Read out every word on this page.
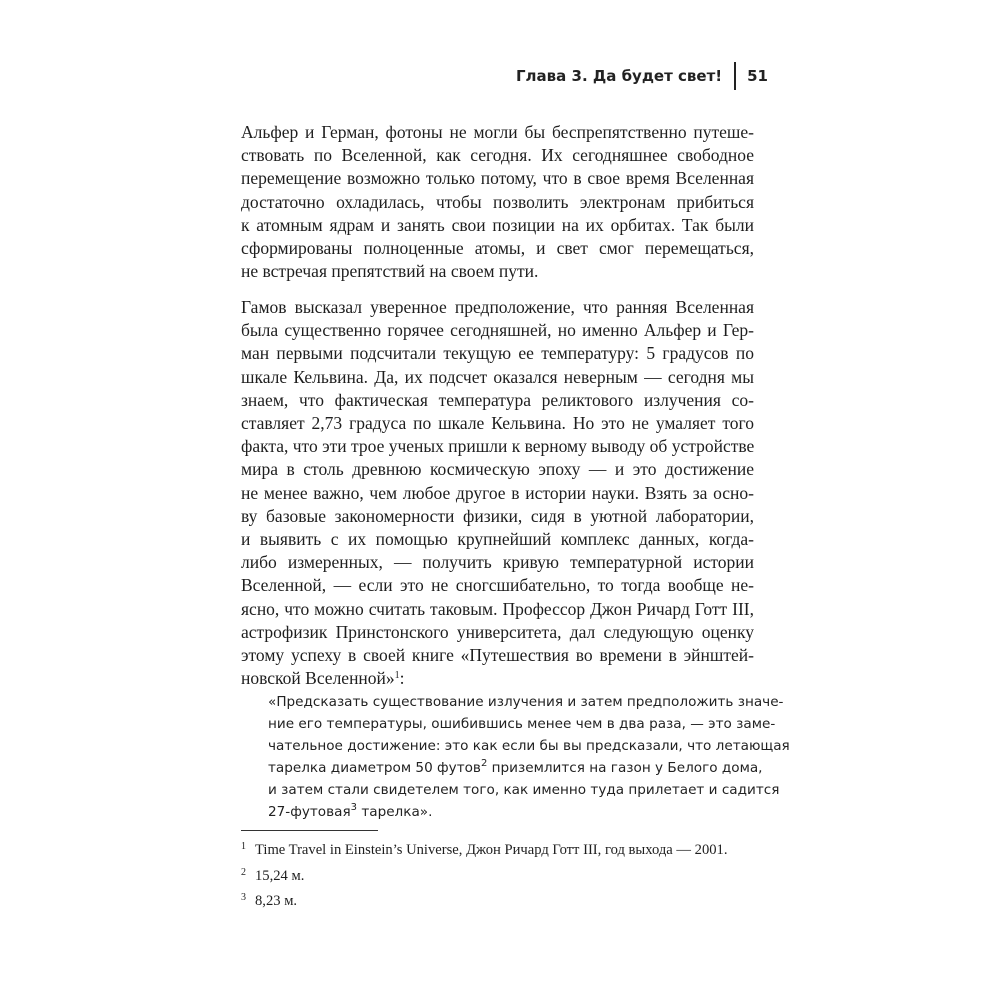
Глава 3. Да будет свет! 51
Альфер и Герман, фотоны не могли бы беспрепятственно путеше-
ствовать по Вселенной, как сегодня. Их сегодняшнее свободное
перемещение возможно только потому, что в свое время Вселенная
достаточно охладилась, чтобы позволить электронам прибиться
к атомным ядрам и занять свои позиции на их орбитах. Так были
сформированы полноценные атомы, и свет смог перемещаться,
не встречая препятствий на своем пути.
Гамов высказал уверенное предположение, что ранняя Вселенная
была существенно горячее сегодняшней, но именно Альфер и Гер-
ман первыми подсчитали текущую ее температуру: 5 градусов по
шкале Кельвина. Да, их подсчет оказался неверным — сегодня мы
знаем, что фактическая температура реликтового излучения со-
ставляет 2,73 градуса по шкале Кельвина. Но это не умаляет того
факта, что эти трое ученых пришли к верному выводу об устройстве
мира в столь древнюю космическую эпоху — и это достижение
не менее важно, чем любое другое в истории науки. Взять за осно-
ву базовые закономерности физики, сидя в уютной лаборатории,
и выявить с их помощью крупнейший комплекс данных, когда-
либо измеренных, — получить кривую температурной истории
Вселенной, — если это не сногсшибательно, то тогда вообще не-
ясно, что можно считать таковым. Профессор Джон Ричард Готт III,
астрофизик Принстонского университета, дал следующую оценку
этому успеху в своей книге «Путешествия во времени в эйнштей-
новской Вселенной»$^1$:
«Предсказать существование излучения и затем предположить значе-
ние его температуры, ошибившись менее чем в два раза, — это заме-
чательное достижение: это как если бы вы предсказали, что летающая
тарелка диаметром 50 футов$^2$ приземлится на газон у Белого дома,
и затем стали свидетелем того, как именно туда прилетает и садится
27-футовая$^3$ тарелка».
$^1$ Time Travel in Einstein’s Universe, Джон Ричард Готт III, год выхода — 2001.
$^2$ 15,24 м.
$^3$ 8,23 м.
